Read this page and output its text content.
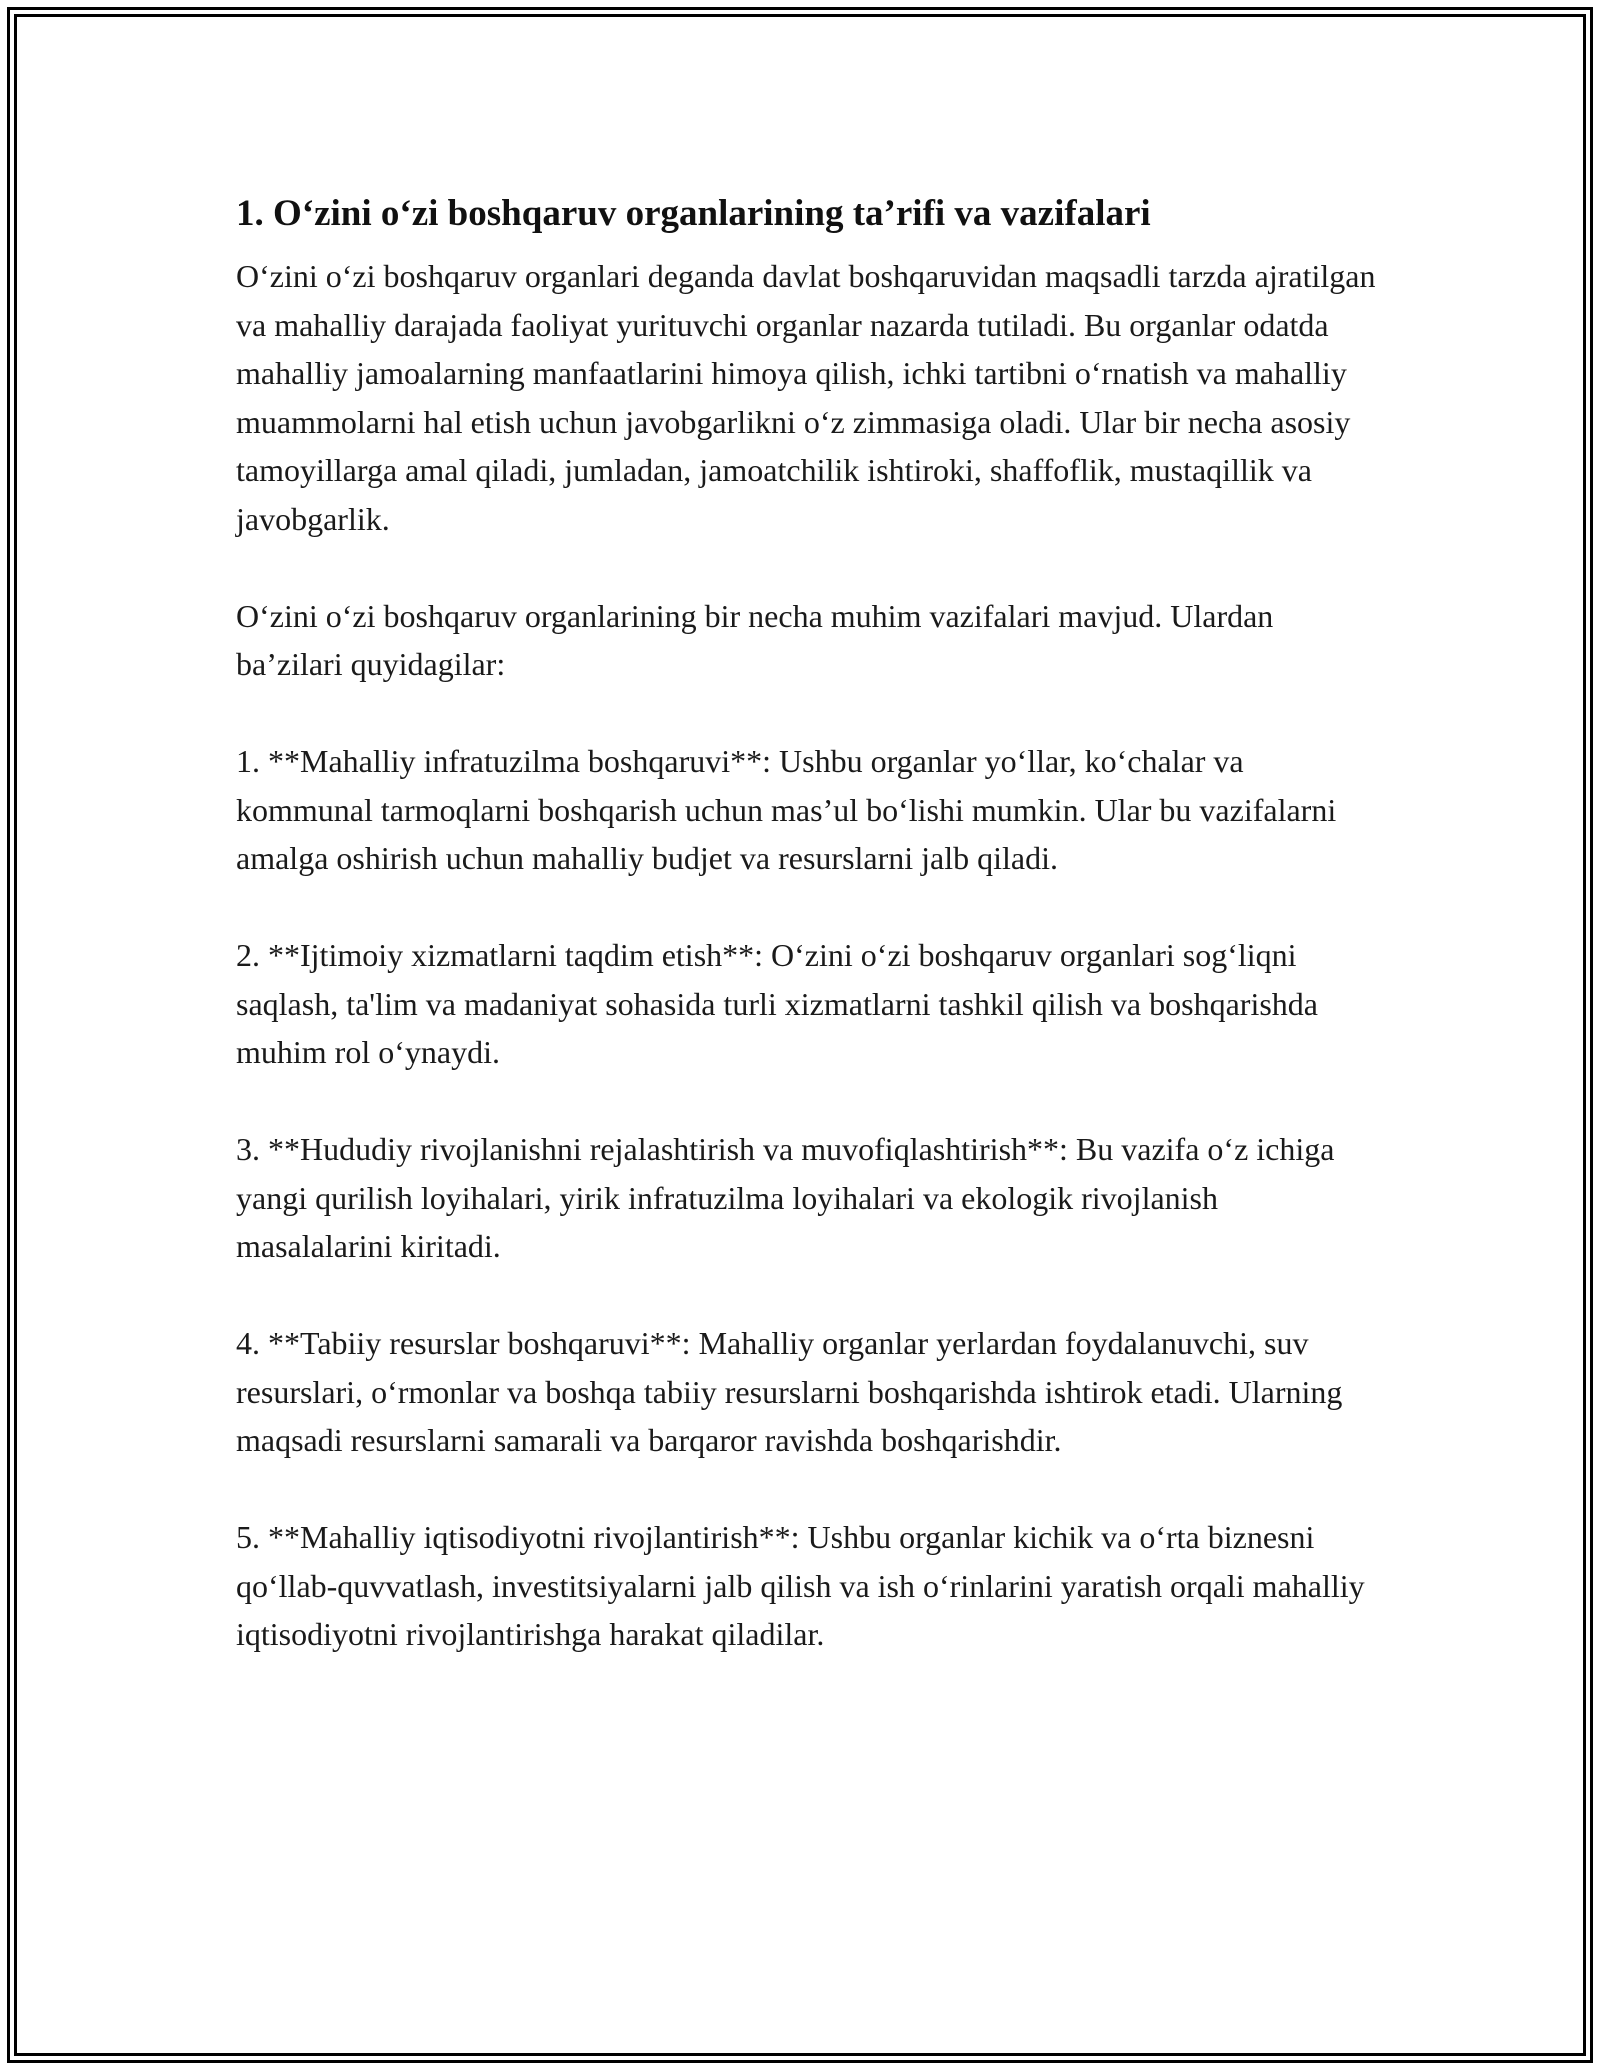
1. O‘zini o‘zi boshqaruv organlarining ta’rifi va vazifalari

O‘zini o‘zi boshqaruv organlari deganda davlat boshqaruvidan maqsadli tarzda ajratilgan va mahalliy darajada faoliyat yurituvchi organlar nazarda tutiladi. Bu organlar odatda mahalliy jamoalarning manfaatlarini himoya qilish, ichki tartibni o‘rnatish va mahalliy muammolarni hal etish uchun javobgarlikni o‘z zimmasiga oladi. Ular bir necha asosiy tamoyillarga amal qiladi, jumladan, jamoatchilik ishtiroki, shaffoflik, mustaqillik va javobgarlik.

O‘zini o‘zi boshqaruv organlarining bir necha muhim vazifalari mavjud. Ulardan ba’zilari quyidagilar:

1. **Mahalliy infratuzilma boshqaruvi**: Ushbu organlar yo‘llar, ko‘chalar va kommunal tarmoqlarni boshqarish uchun mas’ul bo‘lishi mumkin. Ular bu vazifalarni amalga oshirish uchun mahalliy budjet va resurslarni jalb qiladi.

2. **Ijtimoiy xizmatlarni taqdim etish**: O‘zini o‘zi boshqaruv organlari sog‘liqni saqlash, ta'lim va madaniyat sohasida turli xizmatlarni tashkil qilish va boshqarishda muhim rol o‘ynaydi.

3. **Hududiy rivojlanishni rejalashtirish va muvofiqlashtirish**: Bu vazifa o‘z ichiga yangi qurilish loyihalari, yirik infratuzilma loyihalari va ekologik rivojlanish masalalarini kiritadi.

4. **Tabiiy resurslar boshqaruvi**: Mahalliy organlar yerlardan foydalanuvchi, suv resurslari, o‘rmonlar va boshqa tabiiy resurslarni boshqarishda ishtirok etadi. Ularning maqsadi resurslarni samarali va barqaror ravishda boshqarishdir.

5. **Mahalliy iqtisodiyotni rivojlantirish**: Ushbu organlar kichik va o‘rta biznesni qo‘llab-quvvatlash, investitsiyalarni jalb qilish va ish o‘rinlarini yaratish orqali mahalliy iqtisodiyotni rivojlantirishga harakat qiladilar.
